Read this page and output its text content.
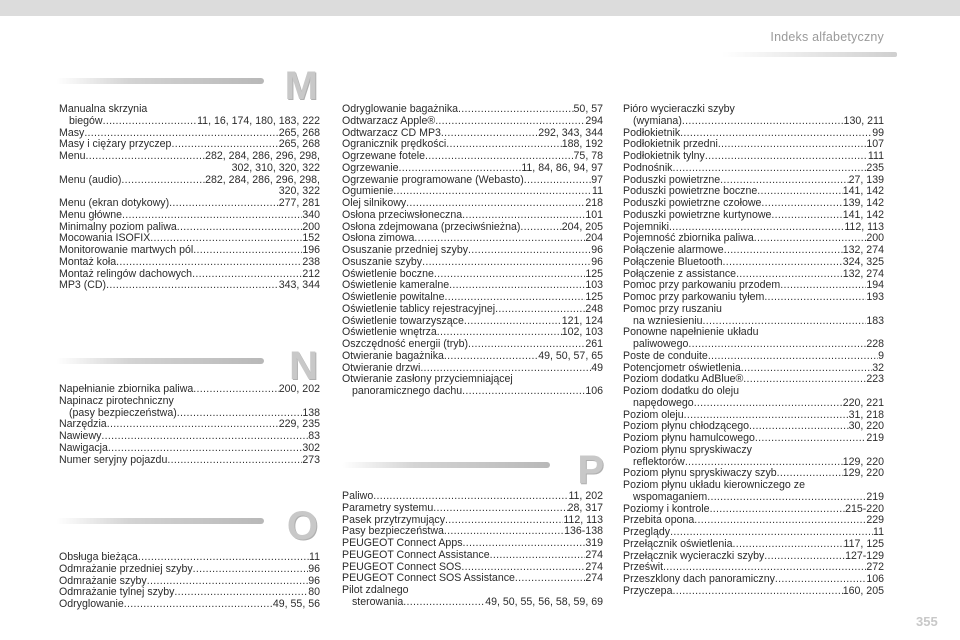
Indeks alfabetyczny
M
N
O
P
Manualna skrzynia
biegów .....	11, 16, 174, 180, 183, 222
Masy .....	265, 268
Masy i ciężary przyczep .....	265, 268
Menu .....	282, 284, 286, 296, 298,
302, 310, 320, 322
Menu (audio) .....	282, 284, 286, 296, 298,
320, 322
Menu (ekran dotykowy) .....	277, 281
Menu główne .....	340
Minimalny poziom paliwa .....	200
Mocowania ISOFIX .....	152
Monitorowanie martwych pól .....	196
Montaż koła .....	238
Montaż relingów dachowych .....	212
MP3 (CD) .....	343, 344
Napełnianie zbiornika paliwa .....	200, 202
Napinacz pirotechniczny
(pasy bezpieczeństwa) .....	138
Narzędzia .....	229, 235
Nawiewy .....	83
Nawigacja .....	302
Numer seryjny pojazdu .....	273
Obsługa bieżąca .....	11
Odmrażanie przedniej szyby .....	96
Odmrażanie szyby .....	96
Odmrażanie tylnej szyby .....	80
Odryglowanie .....	49, 55, 56
Odryglowanie bagażnika .....	50, 57
Odtwarzacz Apple® .....	294
Odtwarzacz CD MP3 .....	292, 343, 344
Ogranicznik prędkości .....	188, 192
Ogrzewane fotele .....	75, 78
Ogrzewanie .....	11, 84, 86, 94, 97
Ogrzewanie programowane (Webasto) .....	97
Ogumienie .....	11
Olej silnikowy .....	218
Osłona przeciwsłoneczna .....	101
Osłona zdejmowana (przeciwśnieżna) .....	204, 205
Osłona zimowa .....	204
Osuszanie przedniej szyby .....	96
Osuszanie szyby .....	96
Oświetlenie boczne .....	125
Oświetlenie kameralne .....	103
Oświetlenie powitalne .....	125
Oświetlenie tablicy rejestracyjnej .....	248
Oświetlenie towarzyszące .....	121, 124
Oświetlenie wnętrza .....	102, 103
Oszczędność energii (tryb) .....	261
Otwieranie bagażnika .....	49, 50, 57, 65
Otwieranie drzwi .....	49
Otwieranie zasłony przyciemniającej
panoramicznego dachu .....	106
Paliwo .....	11, 202
Parametry systemu .....	28, 317
Pasek przytrzymujący .....	112, 113
Pasy bezpieczeństwa .....	136-138
PEUGEOT Connect Apps .....	319
PEUGEOT Connect Assistance .....	274
PEUGEOT Connect SOS .....	274
PEUGEOT Connect SOS Assistance .....	274
Pilot zdalnego
sterowania .....	49, 50, 55, 56, 58, 59, 69
Pióro wycieraczki szyby
(wymiana) .....	130, 211
Podłokietnik .....	99
Podłokietnik przedni .....	107
Podłokietnik tylny .....	111
Podnośnik .....	235
Poduszki powietrzne .....	27, 139
Poduszki powietrzne boczne .....	141, 142
Poduszki powietrzne czołowe .....	139, 142
Poduszki powietrzne kurtynowe .....	141, 142
Pojemniki .....	112, 113
Pojemność zbiornika paliwa .....	200
Połączenie alarmowe .....	132, 274
Połączenie Bluetooth .....	324, 325
Połączenie z assistance .....	132, 274
Pomoc przy parkowaniu przodem .....	194
Pomoc przy parkowaniu tyłem .....	193
Pomoc przy ruszaniu
na wzniesieniu .....	183
Ponowne napełnienie układu
paliwowego .....	228
Poste de conduite .....	9
Potencjometr oświetlenia .....	32
Poziom dodatku AdBlue® .....	223
Poziom dodatku do oleju
napędowego .....	220, 221
Poziom oleju .....	31, 218
Poziom płynu chłodzącego .....	30, 220
Poziom płynu hamulcowego .....	219
Poziom płynu spryskiwaczy
reflektorów .....	129, 220
Poziom płynu spryskiwaczy szyb .....	129, 220
Poziom płynu układu kierowniczego ze
wspomaganiem .....	219
Poziomy i kontrole .....	215-220
Przebita opona .....	229
Przeglądy .....	11
Przełącznik oświetlenia .....	117, 125
Przełącznik wycieraczki szyby .....	127-129
Prześwit .....	272
Przeszklony dach panoramiczny .....	106
Przyczepa .....	160, 205
355
